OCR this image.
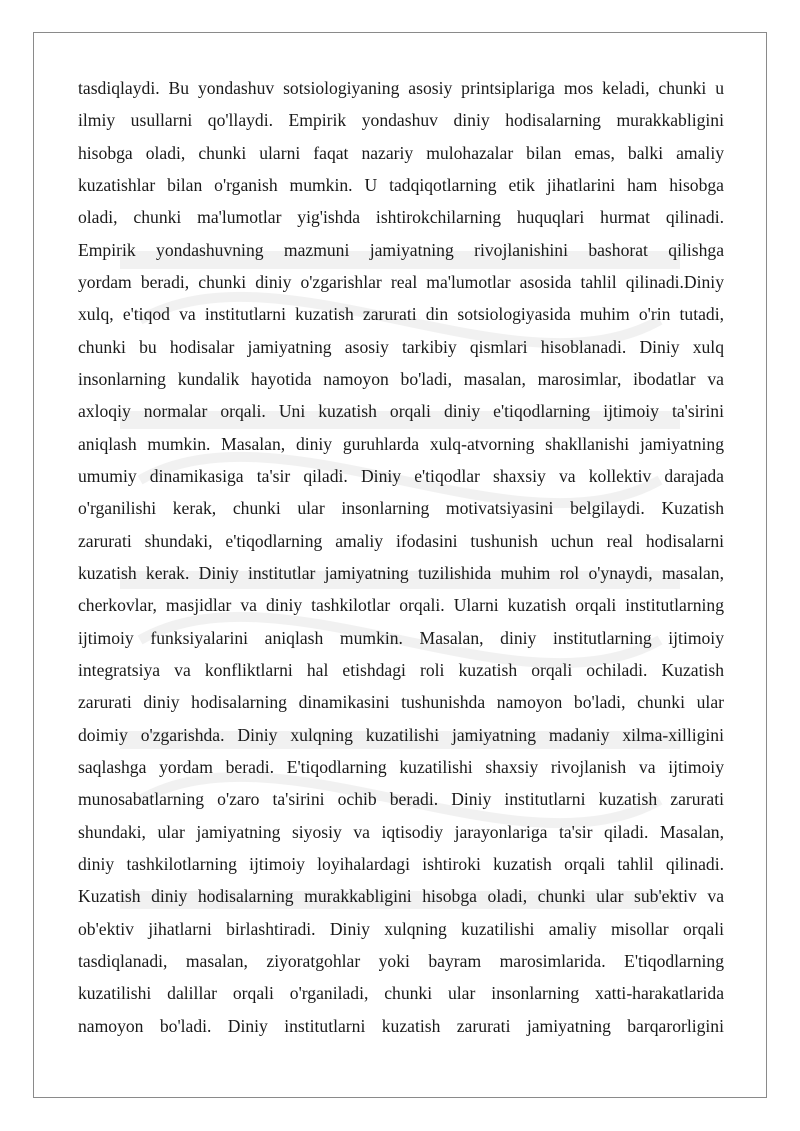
tasdiqlaydi. Bu yondashuv sotsiologiyaning asosiy printsiplariga mos keladi, chunki u
ilmiy usullarni qo'llaydi. Empirik yondashuv diniy hodisalarning murakkabligini
hisobga oladi, chunki ularni faqat nazariy mulohazalar bilan emas, balki amaliy
kuzatishlar bilan o'rganish mumkin. U tadqiqotlarning etik jihatlarini ham hisobga
oladi, chunki ma'lumotlar yig'ishda ishtirokchilarning huquqlari hurmat qilinadi.
Empirik yondashuvning mazmuni jamiyatning rivojlanishini bashorat qilishga
yordam beradi, chunki diniy o'zgarishlar real ma'lumotlar asosida tahlil qilinadi.Diniy
xulq, e'tiqod va institutlarni kuzatish zarurati din sotsiologiyasida muhim o'rin tutadi,
chunki bu hodisalar jamiyatning asosiy tarkibiy qismlari hisoblanadi. Diniy xulq
insonlarning kundalik hayotida namoyon bo'ladi, masalan, marosimlar, ibodatlar va
axloqiy normalar orqali. Uni kuzatish orqali diniy e'tiqodlarning ijtimoiy ta'sirini
aniqlash mumkin. Masalan, diniy guruhlarda xulq-atvorning shakllanishi jamiyatning
umumiy dinamikasiga ta'sir qiladi. Diniy e'tiqodlar shaxsiy va kollektiv darajada
o'rganilishi kerak, chunki ular insonlarning motivatsiyasini belgilaydi. Kuzatish
zarurati shundaki, e'tiqodlarning amaliy ifodasini tushunish uchun real hodisalarni
kuzatish kerak. Diniy institutlar jamiyatning tuzilishida muhim rol o'ynaydi, masalan,
cherkovlar, masjidlar va diniy tashkilotlar orqali. Ularni kuzatish orqali institutlarning
ijtimoiy funksiyalarini aniqlash mumkin. Masalan, diniy institutlarning ijtimoiy
integratsiya va konfliktlarni hal etishdagi roli kuzatish orqali ochiladi. Kuzatish
zarurati diniy hodisalarning dinamikasini tushunishda namoyon bo'ladi, chunki ular
doimiy o'zgarishda. Diniy xulqning kuzatilishi jamiyatning madaniy xilma-xilligini
saqlashga yordam beradi. E'tiqodlarning kuzatilishi shaxsiy rivojlanish va ijtimoiy
munosabatlarning o'zaro ta'sirini ochib beradi. Diniy institutlarni kuzatish zarurati
shundaki, ular jamiyatning siyosiy va iqtisodiy jarayonlariga ta'sir qiladi. Masalan,
diniy tashkilotlarning ijtimoiy loyihalardagi ishtiroki kuzatish orqali tahlil qilinadi.
Kuzatish diniy hodisalarning murakkabligini hisobga oladi, chunki ular sub'ektiv va
ob'ektiv jihatlarni birlashtiradi. Diniy xulqning kuzatilishi amaliy misollar orqali
tasdiqlanadi, masalan, ziyoratgohlar yoki bayram marosimlarida. E'tiqodlarning
kuzatilishi dalillar orqali o'rganiladi, chunki ular insonlarning xatti-harakatlarida
namoyon bo'ladi. Diniy institutlarni kuzatish zarurati jamiyatning barqarorligini
